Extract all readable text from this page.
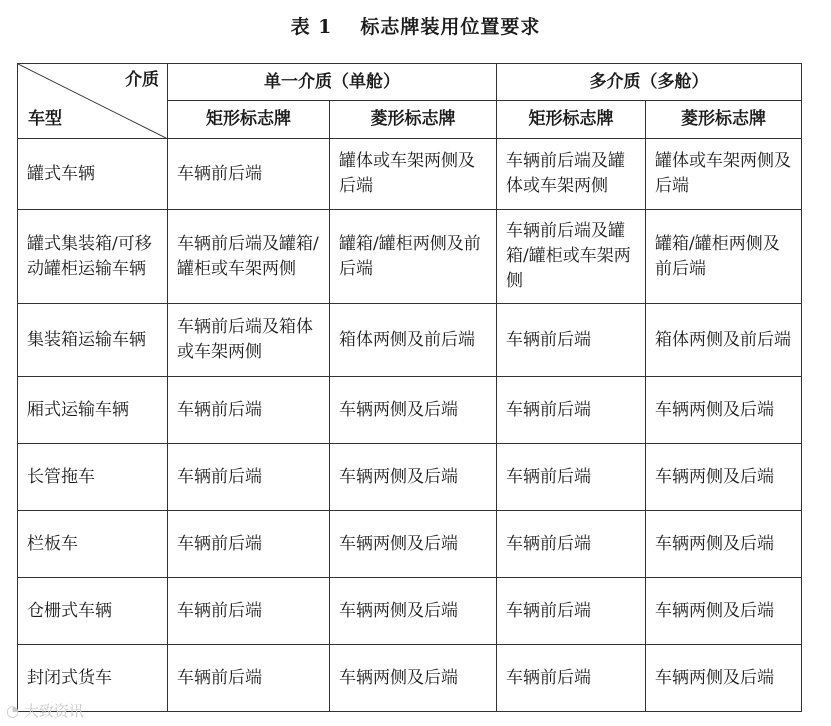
表 1 标志牌装用位置要求
介质
车型	单一介质（单舱）		多介质（多舱）	
	矩形标志牌	菱形标志牌	矩形标志牌	菱形标志牌
罐式车辆	车辆前后端	罐体或车架两侧及后端	车辆前后端及罐体或车架两侧	罐体或车架两侧及后端
罐式集装箱/可移动罐柜运输车辆	车辆前后端及罐箱/罐柜或车架两侧	罐箱/罐柜两侧及前后端	车辆前后端及罐箱/罐柜或车架两侧	罐箱/罐柜两侧及前后端
集装箱运输车辆	车辆前后端及箱体或车架两侧	箱体两侧及前后端	车辆前后端	箱体两侧及前后端
厢式运输车辆	车辆前后端	车辆两侧及后端	车辆前后端	车辆两侧及后端
长管拖车	车辆前后端	车辆两侧及后端	车辆前后端	车辆两侧及后端
栏板车	车辆前后端	车辆两侧及后端	车辆前后端	车辆两侧及后端
仓栅式车辆	车辆前后端	车辆两侧及后端	车辆前后端	车辆两侧及后端
封闭式货车	车辆前后端	车辆两侧及后端	车辆前后端	车辆两侧及后端
◔ 大致资讯
